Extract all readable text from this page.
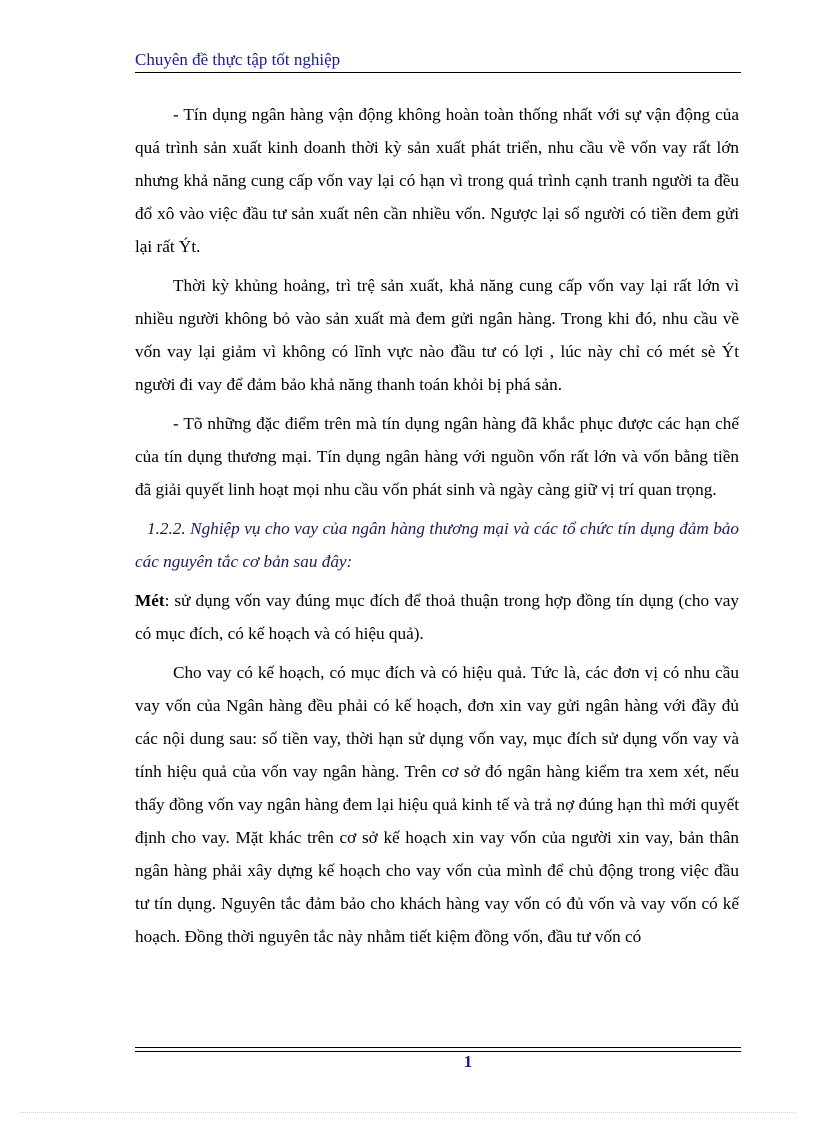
Chuyên đề thực tập tốt nghiệp

- Tín dụng ngân hàng vận động không hoàn toàn thống nhất với sự vận động của quá trình sản xuất kinh doanh thời kỳ sản xuất phát triển, nhu cầu về vốn vay rất lớn nhưng khả năng cung cấp vốn vay lại có hạn vì trong quá trình cạnh tranh người ta đều đổ xô vào việc đầu tư sản xuất nên cần nhiều vốn. Ngược lại số người có tiền đem gửi lại rất Ýt.

Thời kỳ khủng hoảng, trì trệ sản xuất, khả năng cung cấp vốn vay lại rất lớn vì nhiều người không bỏ vào sản xuất mà đem gửi ngân hàng. Trong khi đó, nhu cầu về vốn vay lại giảm vì không có lĩnh vực nào đầu tư có lợi , lúc này chỉ có mét sè Ýt người đi vay để đảm bảo khả năng thanh toán khỏi bị phá sản.

- Tõ những đặc điểm trên mà tín dụng ngân hàng đã khắc phục được các hạn chế của tín dụng thương mại. Tín dụng ngân hàng với nguồn vốn rất lớn và vốn bằng tiền đã giải quyết linh hoạt mọi nhu cầu vốn phát sinh và ngày càng giữ vị trí quan trọng.

1.2.2. Nghiệp vụ cho vay của ngân hàng thương mại và các tổ chức tín dụng đảm bảo các nguyên tắc cơ bản sau đây:

Mét: sử dụng vốn vay đúng mục đích để thoả thuận trong hợp đồng tín dụng (cho vay có mục đích, có kế hoạch và có hiệu quả).

Cho vay có kế hoạch, có mục đích và có hiệu quả. Tức là, các đơn vị có nhu cầu vay vốn của Ngân hàng đều phải có kế hoạch, đơn xin vay gửi ngân hàng với đầy đủ các nội dung sau: số tiền vay, thời hạn sử dụng vốn vay, mục đích sử dụng vốn vay và tính hiệu quả của vốn vay ngân hàng. Trên cơ sở đó ngân hàng kiểm tra xem xét, nếu thấy đồng vốn vay ngân hàng đem lại hiệu quả kinh tế và trả nợ đúng hạn thì mới quyết định cho vay. Mặt khác trên cơ sở kế hoạch xin vay vốn của người xin vay, bản thân ngân hàng phải xây dựng kế hoạch cho vay vốn của mình để chủ động trong việc đầu tư tín dụng. Nguyên tắc đảm bảo cho khách hàng vay vốn có đủ vốn và vay vốn có kế hoạch. Đồng thời nguyên tắc này nhằm tiết kiệm đồng vốn, đầu tư vốn có

1
